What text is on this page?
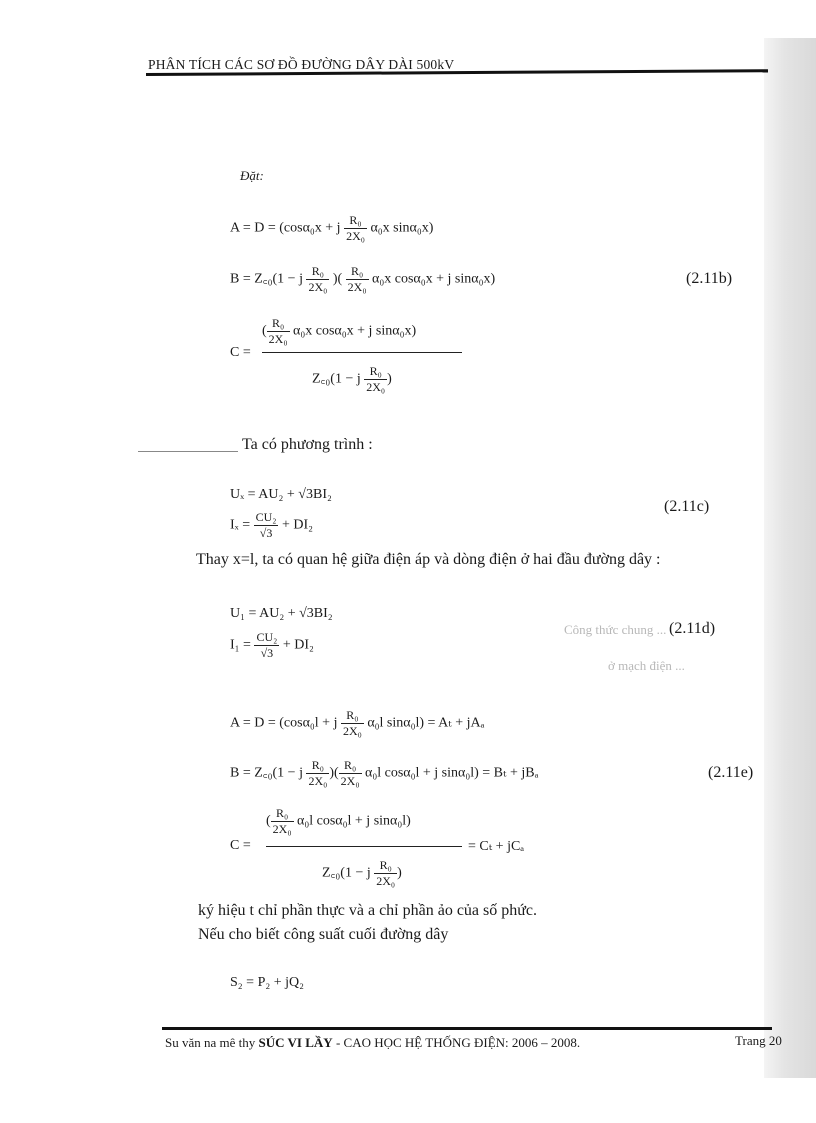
PHÂN TÍCH CÁC SƠ ĐỒ ĐƯỜNG DÂY DÀI 500kV
Đặt:
A = D = (cosα₀x + j $\frac{\text{R₀}}{\text{2X₀}} \alpha_0x$ sinα₀x)
B = Z꜀₀(1 − j $\frac{\text{R₀}}{\text{2X₀}}$ )( $\frac{\text{R₀}}{\text{2X₀}} \alpha_0x$ cosα₀x + j sinα₀x)	(2.11b)
C =
( $\frac{\text{R₀}}{\text{2X₀}} \alpha_0x$ cosα₀x + j sinα₀x)
Z꜀₀(1 − j $\frac{\text{R₀}}{\text{2X₀}}$ )
Ta có phương trình :
Uₓ = AU₂ + √3BI₂
$I_x = \frac{\text{CU₂}}{√3} + DI_2$
(2.11c)
Thay x=l, ta có quan hệ giữa điện áp và dòng điện ở hai đầu đường dây :
Công thức chung ...
ở mạch điện ...
U₁ = AU₂ + √3BI₂
$I_1 = \frac{\text{CU₂}}{√3} + DI_2$
(2.11d)
A = D = (cosα₀l + j $\frac{\text{R₀}}{\text{2X₀}} \alpha_0l$ sinα₀l) = Aₜ + jAₐ
B = Z꜀₀(1 − j $\frac{\text{R₀}}{\text{2X₀}}$ )( $\frac{\text{R₀}}{\text{2X₀}} \alpha_0l$ cosα₀l + j sinα₀l) = Bₜ + jBₐ	(2.11e)
C =
( $\frac{\text{R₀}}{\text{2X₀}} \alpha_0l$ cosα₀l + j sinα₀l)
= Cₜ + jCₐ
Z꜀₀(1 − j $\frac{\text{R₀}}{\text{2X₀}}$ )
ký hiệu t chỉ phần thực và a chỉ phần ảo của số phức.
Nếu cho biết công suất cuối đường dây
S₂ = P₂ + jQ₂
Su văn na mê thy SÚC VI LẦY - CAO HỌC HỆ THỐNG ĐIỆN: 2006 – 2008.	Trang 20
